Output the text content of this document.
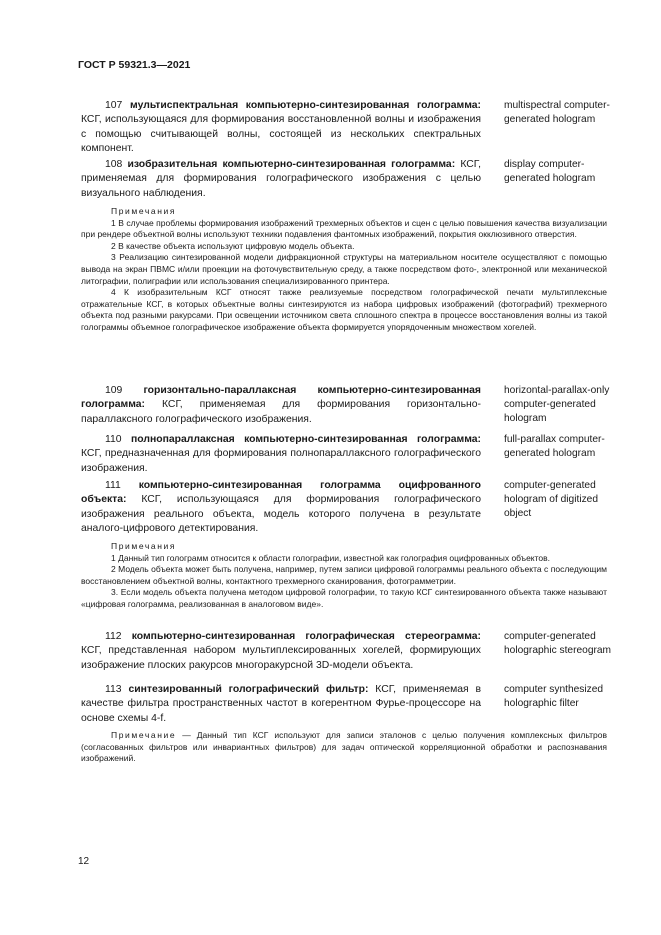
ГОСТ Р 59321.3—2021
107 мультиспектральная компьютерно-синтезированная голограмма: КСГ, использующаяся для формирования восстановленной волны и изображения с помощью считывающей волны, состоящей из нескольких спектральных компонент.
multispectral computer-generated hologram
108 изобразительная компьютерно-синтезированная голограмма: КСГ, применяемая для формирования голографического изображения с целью визуального наблюдения.
display computer-generated hologram

Примечания

1 В случае проблемы формирования изображений трехмерных объектов и сцен с целью повышения качества визуализации при рендере объектной волны используют техники подавления фантомных изображений, покрытия окклюзивного отверстия.

2 В качестве объекта используют цифровую модель объекта.

3 Реализацию синтезированной модели дифракционной структуры на материальном носителе осуществляют с помощью вывода на экран ПВМС и/или проекции на фоточувствительную среду, а также посредством фото-, электронной или механической литографии, полиграфии или использования специализированного принтера.

4 К изобразительным КСГ относят также реализуемые посредством голографической печати мультиплексные отражательные КСГ, в которых объектные волны синтезируются из набора цифровых изображений (фотографий) трехмерного объекта под разными ракурсами. При освещении источником света сплошного спектра в процессе восстановления волны из такой голограммы объемное голографическое изображение объекта формируется упорядоченным множеством хогелей.

109 горизонтально-параллаксная компьютерно-синтезированная голограмма: КСГ, применяемая для формирования горизонтально-параллаксного голографического изображения.
horizontal-parallax-only computer-generated hologram
110 полнопараллаксная компьютерно-синтезированная голограмма: КСГ, предназначенная для формирования полнопараллаксного голографического изображения.
full-parallax computer-generated hologram
111 компьютерно-синтезированная голограмма оцифрованного объекта: КСГ, использующаяся для формирования голографического изображения реального объекта, модель которого получена в результате аналого-цифрового детектирования.
computer-generated hologram of digitized object

Примечания

1 Данный тип голограмм относится к области голографии, известной как голография оцифрованных объектов.

2 Модель объекта может быть получена, например, путем записи цифровой голограммы реального объекта с последующим восстановлением объектной волны, контактного трехмерного сканирования, фотограмметрии.

3. Если модель объекта получена методом цифровой голографии, то такую КСГ синтезированного объекта также называют «цифровая голограмма, реализованная в аналоговом виде».

112 компьютерно-синтезированная голографическая стереограмма: КСГ, представленная набором мультиплексированных хогелей, формирующих изображение плоских ракурсов многоракурсной 3D-модели объекта.
computer-generated holographic stereogram
113 синтезированный голографический фильтр: КСГ, применяемая в качестве фильтра пространственных частот в когерентном Фурье-процессоре на основе схемы 4-f.
computer synthesized holographic filter

Примечание — Данный тип КСГ используют для записи эталонов с целью получения комплексных фильтров (согласованных фильтров или инвариантных фильтров) для задач оптической корреляционной обработки и распознавания изображений.

12
